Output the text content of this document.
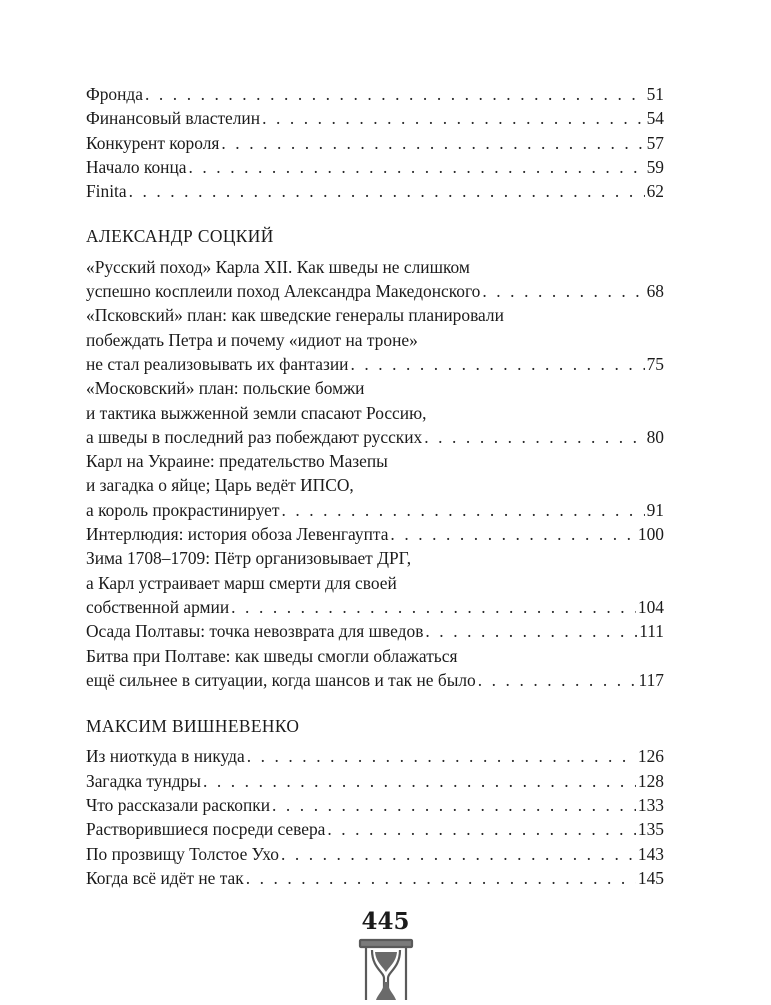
Фронда . . .	51
Финансовый властелин . . .	54
Конкурент короля . . .	57
Начало конца . . .	59
Finita . . .	62
АЛЕКСАНДР СОЦКИЙ
«Русский поход» Карла XII. Как шведы не слишком
успешно косплеили поход Александра Македонского . . .	68
«Псковский» план: как шведские генералы планировали
побеждать Петра и почему «идиот на троне»
не стал реализовывать их фантазии . . .	75
«Московский» план: польские бомжи
и тактика выжженной земли спасают Россию,
а шведы в последний раз побеждают русских . . .	80
Карл на Украине: предательство Мазепы
и загадка о яйце; Царь ведёт ИПСО,
а король прокрастинирует . . .	91
Интерлюдия: история обоза Левенгаупта . . .	100
Зима 1708–1709: Пётр организовывает ДРГ,
а Карл устраивает марш смерти для своей
собственной армии . . .	104
Осада Полтавы: точка невозврата для шведов . . .	111
Битва при Полтаве: как шведы смогли облажаться
ещё сильнее в ситуации, когда шансов и так не было . . .	117
МАКСИМ ВИШНЕВЕНКО
Из ниоткуда в никуда . . .	126
Загадка тундры . . .	128
Что рассказали раскопки . . .	133
Растворившиеся посреди севера . . .	135
По прозвищу Толстое Ухо . . .	143
Когда всё идёт не так . . .	145
445
